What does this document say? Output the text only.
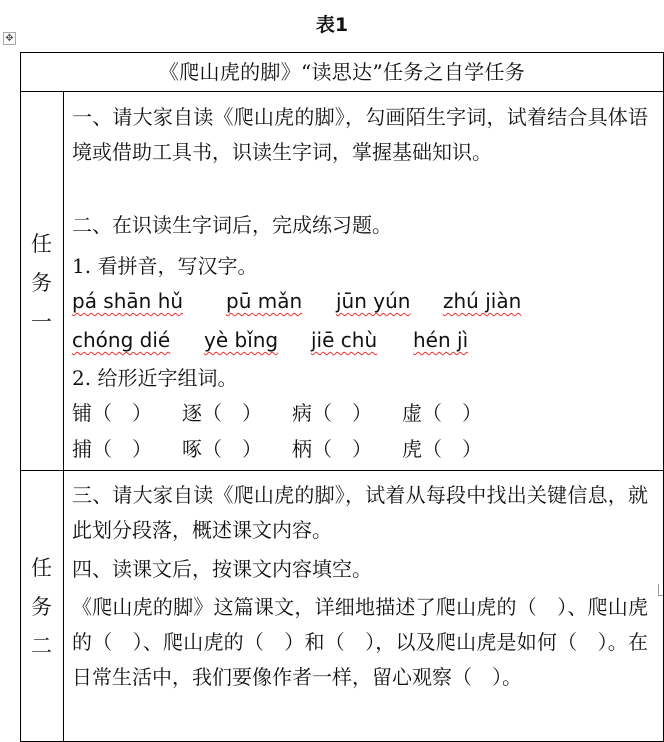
表1
✥
《爬山虎的脚》“读思达”任务之自学任务
任
务
一
一、请大家自读《爬山虎的脚》，勾画陌生字词，试着结合具体语境或借助工具书，识读生字词，掌握基础知识。
二、在识读生字词后，完成练习题。
1. 看拼音，写汉字。
pá shān hǔ pū mǎn jūn yún zhú jiàn
chóng dié yè bǐng jiē chù hén jì
2. 给形近字组词。
铺（　） 逐（　） 病（　） 虚（　）
捕（　） 啄（　） 柄（　） 虎（　）
任
务
二
三、请大家自读《爬山虎的脚》，试着从每段中找出关键信息，就此划分段落，概述课文内容。
四、读课文后，按课文内容填空。
《爬山虎的脚》这篇课文，详细地描述了爬山虎的（　）、爬山虎的（　）、爬山虎的（　）和（　），以及爬山虎是如何（　）。在日常生活中，我们要像作者一样，留心观察（　）。
